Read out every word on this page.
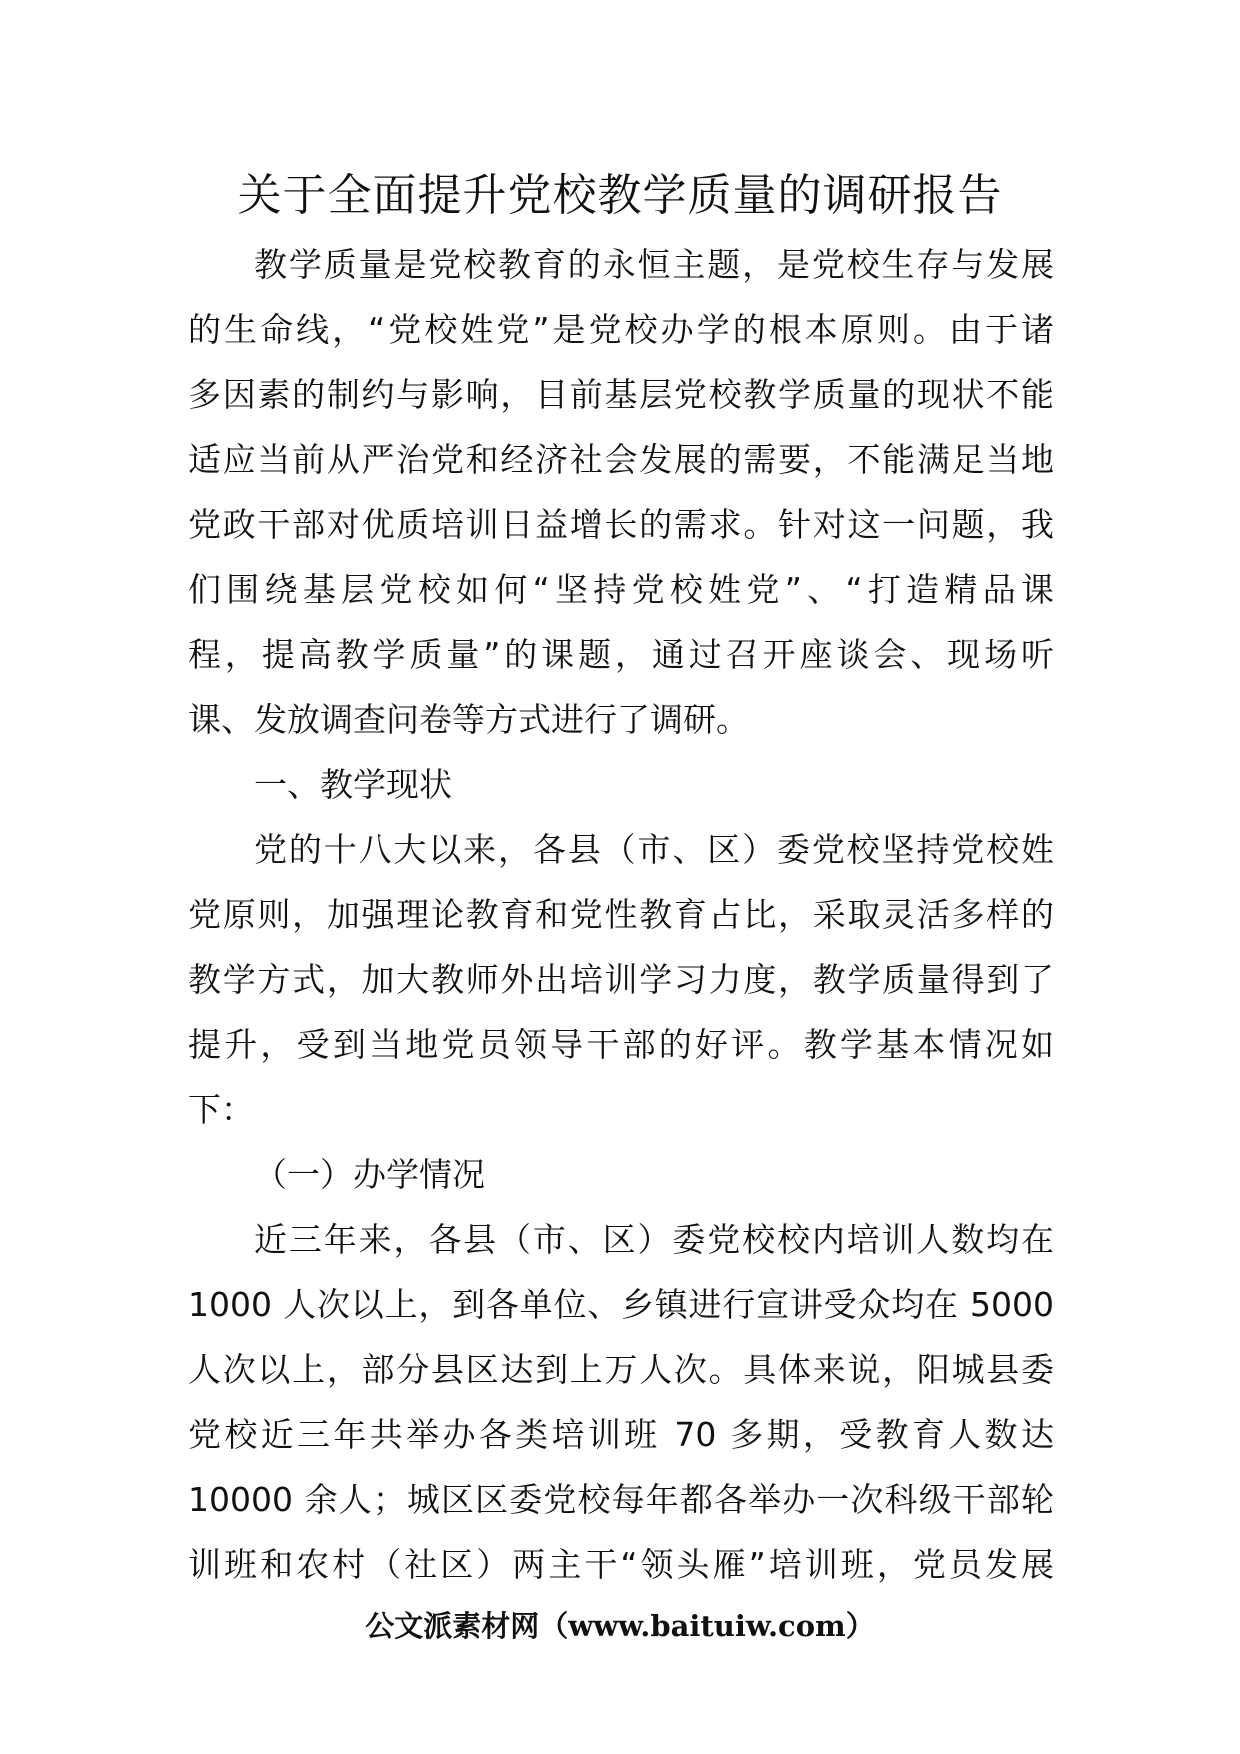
关于全面提升党校教学质量的调研报告
教学质量是党校教育的永恒主题，是党校生存与发展
的生命线，“党校姓党”是党校办学的根本原则。由于诸
多因素的制约与影响，目前基层党校教学质量的现状不能
适应当前从严治党和经济社会发展的需要，不能满足当地
党政干部对优质培训日益增长的需求。针对这一问题，我
们围绕基层党校如何“坚持党校姓党”、“打造精品课
程，提高教学质量”的课题，通过召开座谈会、现场听
课、发放调查问卷等方式进行了调研。
一、教学现状
党的十八大以来，各县（市、区）委党校坚持党校姓
党原则，加强理论教育和党性教育占比，采取灵活多样的
教学方式，加大教师外出培训学习力度，教学质量得到了
提升，受到当地党员领导干部的好评。教学基本情况如
下：
（一）办学情况
近三年来，各县（市、区）委党校校内培训人数均在
1000 人次以上，到各单位、乡镇进行宣讲受众均在 5000
人次以上，部分县区达到上万人次。具体来说，阳城县委
党校近三年共举办各类培训班 70 多期，受教育人数达
10000 余人；城区区委党校每年都各举办一次科级干部轮
训班和农村（社区）两主干“领头雁”培训班，党员发展
公文派素材网（www.baituiw.com）
